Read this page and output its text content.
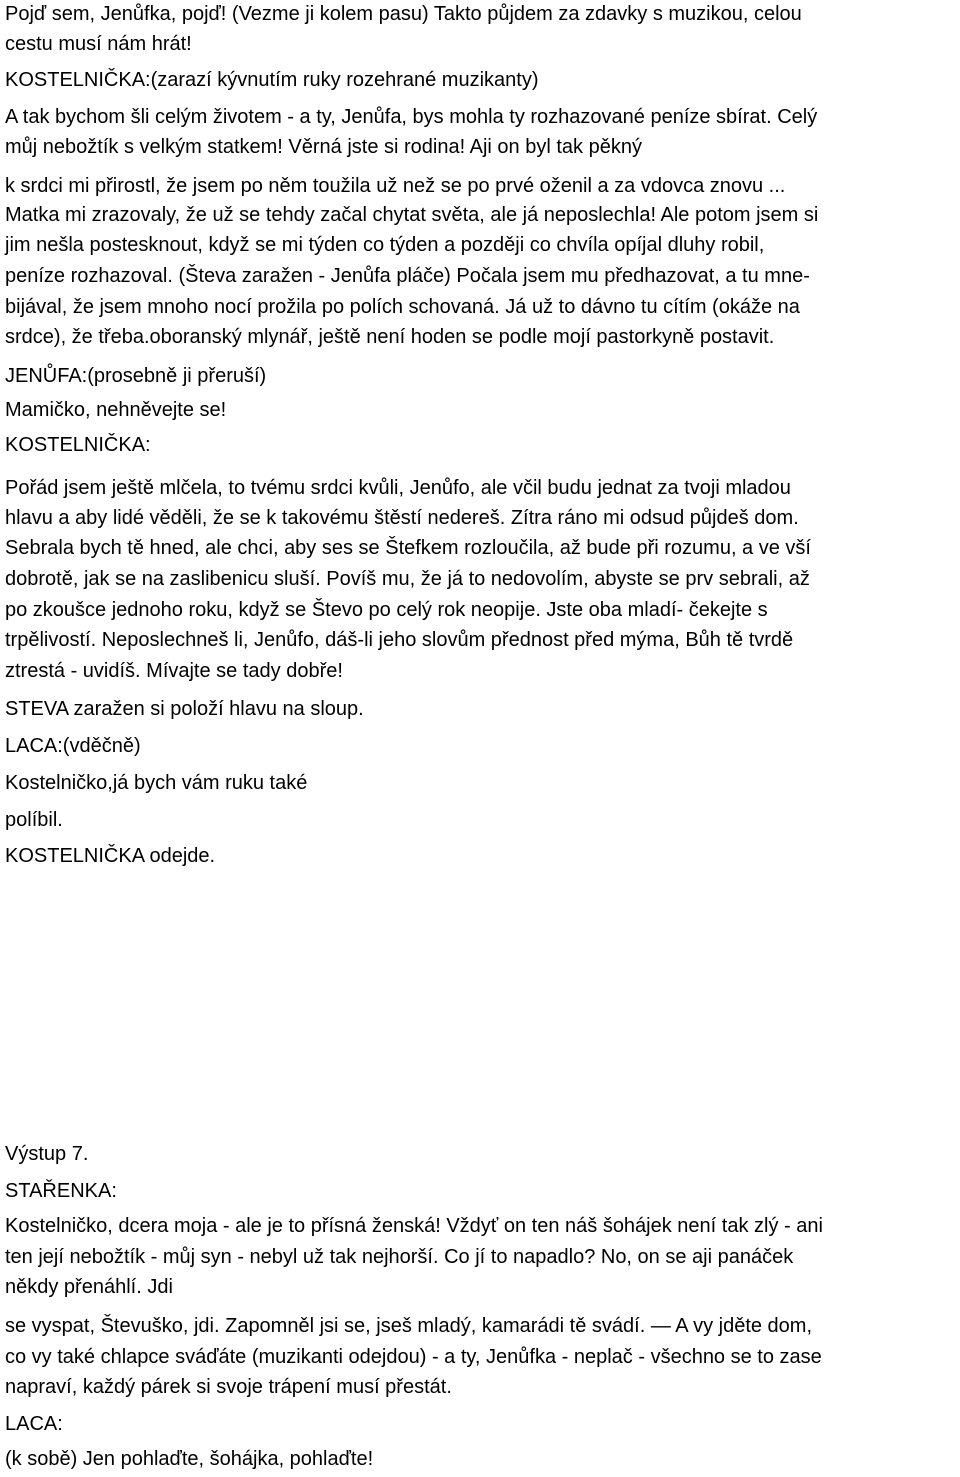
Pojď sem, Jenůfka, pojď! (Vezme ji kolem pasu) Takto půjdem za zdavky s muzikou, celou
cestu musí nám hrát!
KOSTELNIČKA:(zarazí kývnutím ruky rozehrané muzikanty)
A tak bychom šli celým životem - a ty, Jenůfa, bys mohla ty rozhazované peníze sbírat. Celý
můj nebožtík s velkým statkem! Věrná jste si rodina! Aji on byl tak pěkný
k srdci mi přirostl, že jsem po něm toužila už než se po prvé oženil a za vdovca znovu ...
Matka mi zrazovaly, že už se tehdy začal chytat světa, ale já neposlechla! Ale potom jsem si
jim nešla postesknout, když se mi týden co týden a později co chvíla opíjal dluhy robil,
peníze rozhazoval. (Števa zaražen - Jenůfa pláče) Počala jsem mu předhazovat, a tu mne-
bijával, že jsem mnoho nocí prožila po polích schovaná. Já už to dávno tu cítím (okáže na
srdce), že třeba.oboranský mlynář, ještě není hoden se podle mojí pastorkyně postavit.
JENŮFA:(prosebně ji přeruší)
Mamičko, nehněvejte se!
KOSTELNIČKA:
Pořád jsem ještě mlčela, to tvému srdci kvůli, Jenůfo, ale včil budu jednat za tvoji mladou
hlavu a aby lidé věděli, že se k takovému štěstí nedereš. Zítra ráno mi odsud půjdeš dom.
Sebrala bych tě hned, ale chci, aby ses se Štefkem rozloučila, až bude při rozumu, a ve vší
dobrotě, jak se na zaslibenicu sluší. Povíš mu, že já to nedovolím, abyste se prv sebrali, až
po zkoušce jednoho roku, když se Števo po celý rok neopije. Jste oba mladí- čekejte s
trpělivostí. Neposlechneš li, Jenůfo, dáš-li jeho slovům přednost před mýma, Bůh tě tvrdě
ztrestá - uvidíš. Mívajte se tady dobře!
STEVA zaražen si položí hlavu na sloup.
LACA:(vděčně)
Kostelničko,já bych vám ruku také
políbil.
KOSTELNIČKA odejde.
Výstup 7.
STAŘENKA:
Kostelničko, dcera moja - ale je to přísná ženská! Vždyť on ten náš šohájek není tak zlý - ani
ten její nebožtík - můj syn - nebyl už tak nejhorší. Co jí to napadlo? No, on se aji panáček
někdy přenáhlí. Jdi
se vyspat, Števuško, jdi. Zapomněl jsi se, jseš mladý, kamarádi tě svádí. — A vy jděte dom,
co vy také chlapce sváďáte (muzikanti odejdou) - a ty, Jenůfka - neplač - všechno se to zase
napraví, každý párek si svoje trápení musí přestát.
LACA:
(k sobě) Jen pohlaďte, šohájka, pohlaďte!
